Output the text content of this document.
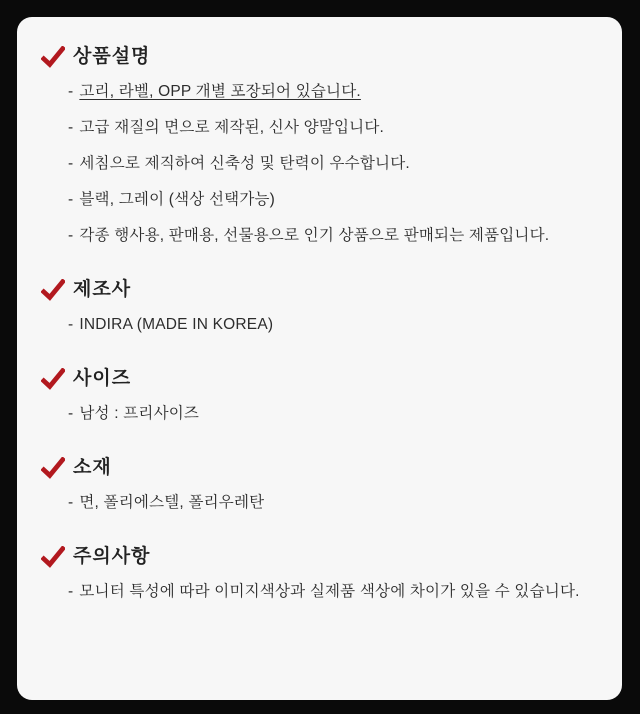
상품설명
- 고리, 라벨, OPP 개별 포장되어 있습니다.
- 고급 재질의 면으로 제작된, 신사 양말입니다.
- 세침으로 제직하여 신축성 및 탄력이 우수합니다.
- 블랙, 그레이 (색상 선택가능)
- 각종 행사용, 판매용, 선물용으로 인기 상품으로 판매되는 제품입니다.
제조사
- INDIRA (MADE IN KOREA)
사이즈
- 남성 : 프리사이즈
소재
- 면, 폴리에스텔, 폴리우레탄
주의사항
- 모니터 특성에 따라 이미지색상과 실제품 색상에 차이가 있을 수 있습니다.
